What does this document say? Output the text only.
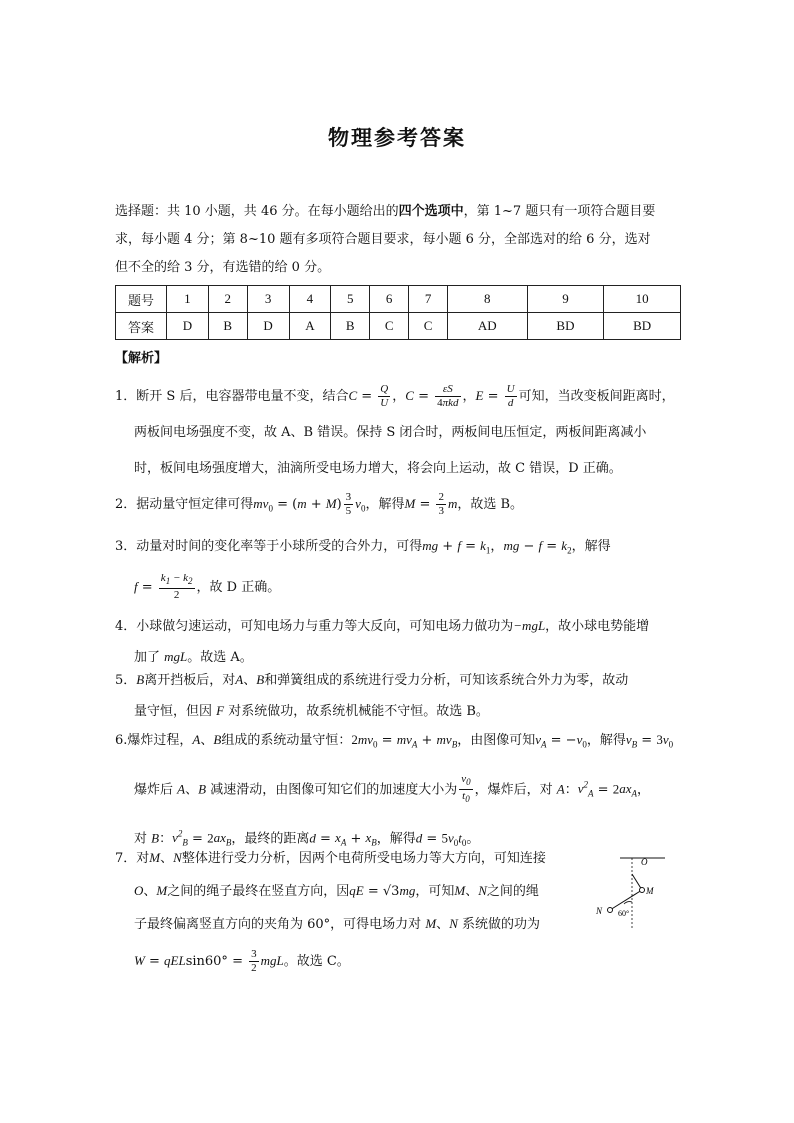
物理参考答案
选择题：共 10 小题，共 46 分。在每小题给出的四个选项中，第 1~7 题只有一项符合题目要
求，每小题 4 分；第 8~10 题有多项符合题目要求，每小题 6 分，全部选对的给 6 分，选对
但不全的给 3 分，有选错的给 0 分。
题号	1	2	3	4	5	6	7	8	9	10
答案	D	B	D	A	B	C	C	AD	BD	BD
【解析】
1．断开 S 后，电容器带电量不变，结合$C = \frac{Q}{U}$ ，$C = \frac{\varepsilon S}{\text{4πkd}}$ ，$E = \frac{U}{d}$ 可知，当改变板间距离时，
两板间电场强度不变，故 A、B 错误。保持 S 闭合时，两板间电压恒定，两板间距离减小
时，板间电场强度增大，油滴所受电场力增大，将会向上运动，故 C 错误，D 正确。
2．据动量守恒定律可得$mv_0 = (m + M) \frac{3}{5} v_0$，解得$M = \frac{2}{3}$ m，故选 B。
3．动量对时间的变化率等于小球所受的合外力，可得mg + $f = k_1$，mg − $f = k_2$，解得
$f = \frac{k_1 - k_2}{2}$ ，故 D 正确。
4．小球做匀速运动，可知电场力与重力等大反向，可知电场力做功为−mgL，故小球电势能增
加了 mgL。故选 A。
5．B离开挡板后，对A、B和弹簧组成的系统进行受力分析，可知该系统合外力为零，故动
量守恒，但因 F 对系统做功，故系统机械能不守恒。故选 B。
6.爆炸过程，A、B组成的系统动量守恒：$2mv_0 = mv_A + mv_B$，由图像可知$v_A = -v_0$，解得$v_B = 3v_0$
爆炸后 A、B 减速滑动，由图像可知它们的加速度大小为 $\frac{v_0}{t_0}$ ，爆炸后，对 A：$v^2_A = 2ax_A$，
对 B：$v^2_B = 2ax_B$，最终的距离$d = x_A + x_B$，解得$d = 5v_0t_0$。
7．对M、N整体进行受力分析，因两个电荷所受电场力等大方向，可知连接
O、M之间的绳子最终在竖直方向，因qE = √3mg，可知M、N之间的绳
子最终偏离竖直方向的夹角为 60°，可得电场力对 M、N 系统做的功为
$W = qELsin60^\circ = \frac{3}{2}$ mgL。故选 C。
O
M
N 60°
